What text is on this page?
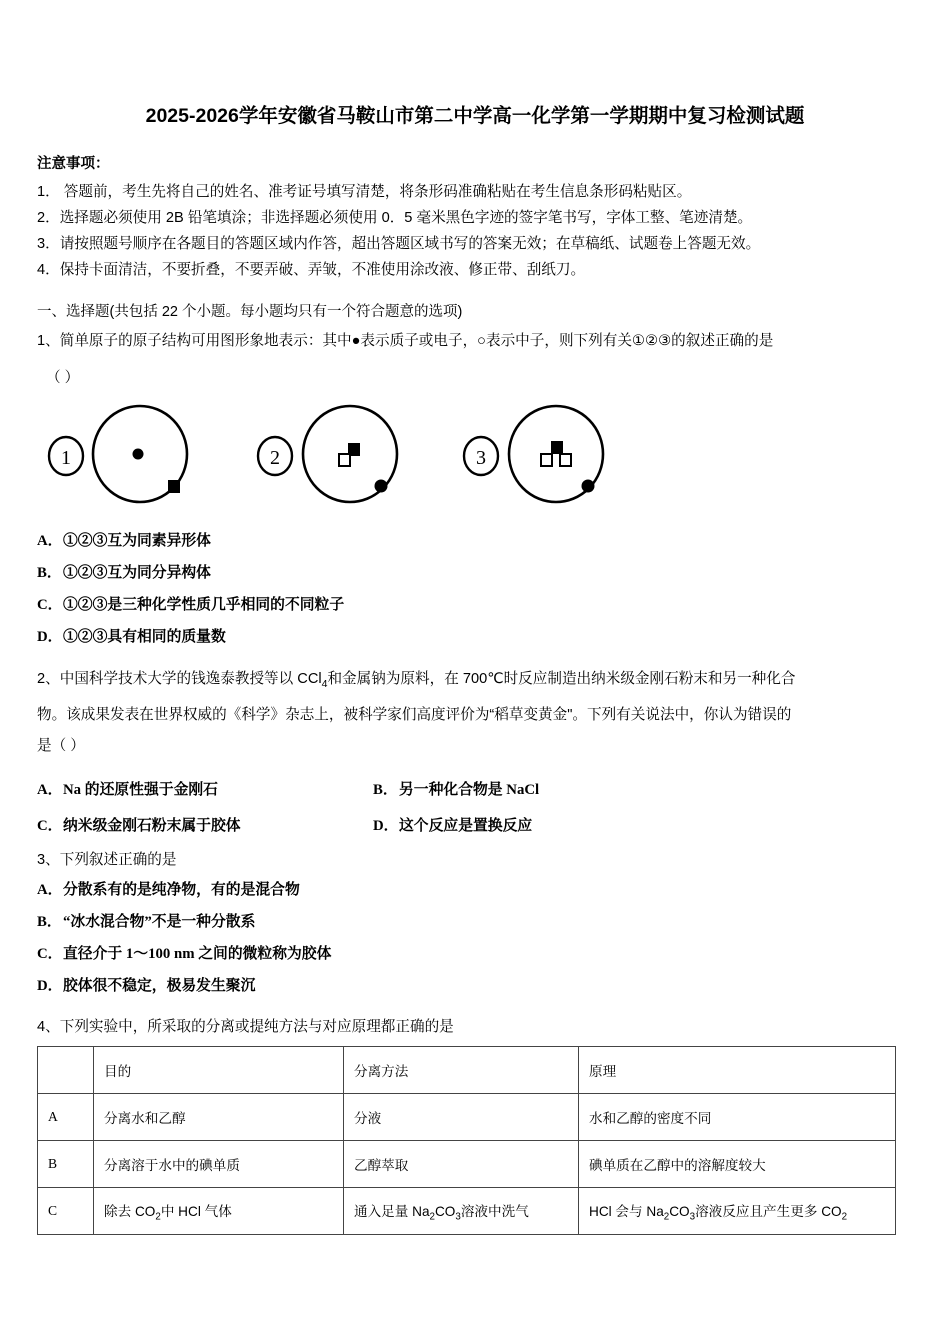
2025-2026学年安徽省马鞍山市第二中学高一化学第一学期期中复习检测试题
注意事项：
1． 答题前，考生先将自己的姓名、准考证号填写清楚，将条形码准确粘贴在考生信息条形码粘贴区。
2．选择题必须使用 2B 铅笔填涂；非选择题必须使用 0．5 毫米黑色字迹的签字笔书写，字体工整、笔迹清楚。
3．请按照题号顺序在各题目的答题区域内作答，超出答题区域书写的答案无效；在草稿纸、试题卷上答题无效。
4．保持卡面清洁，不要折叠，不要弄破、弄皱，不准使用涂改液、修正带、刮纸刀。
一、选择题(共包括 22 个小题。每小题均只有一个符合题意的选项)
1、简单原子的原子结构可用图形象地表示：其中●表示质子或电子，○表示中子，则下列有关①②③的叙述正确的是
（ ）
1	2	3
A．①②③互为同素异形体
B．①②③互为同分异构体
C．①②③是三种化学性质几乎相同的不同粒子
D．①②③具有相同的质量数
2、中国科学技术大学的钱逸泰教授等以 CCl$_4$和金属钠为原料，在 700℃时反应制造出纳米级金刚石粉末和另一种化合
物。该成果发表在世界权威的《科学》杂志上，被科学家们高度评价为“稻草变黄金"。下列有关说法中，你认为错误的
是（ ）
A．Na 的还原性强于金刚石	B．另一种化合物是 NaCl
C．纳米级金刚石粉末属于胶体	D．这个反应是置换反应
3、下列叙述正确的是
A．分散系有的是纯净物，有的是混合物
B．“冰水混合物”不是一种分散系
C．直径介于 1～100 nm 之间的微粒称为胶体
D．胶体很不稳定，极易发生聚沉
4、下列实验中，所采取的分离或提纯方法与对应原理都正确的是
	目的	分离方法	原理
A	分离水和乙醇	分液	水和乙醇的密度不同
B	分离溶于水中的碘单质	乙醇萃取	碘单质在乙醇中的溶解度较大
C	除去 $CO_2$中 HCl 气体	通入足量 $Na_2CO_3$溶液中洗气	HCl 会与 $Na_2CO_3$溶液反应且产生更多 $CO_2$
